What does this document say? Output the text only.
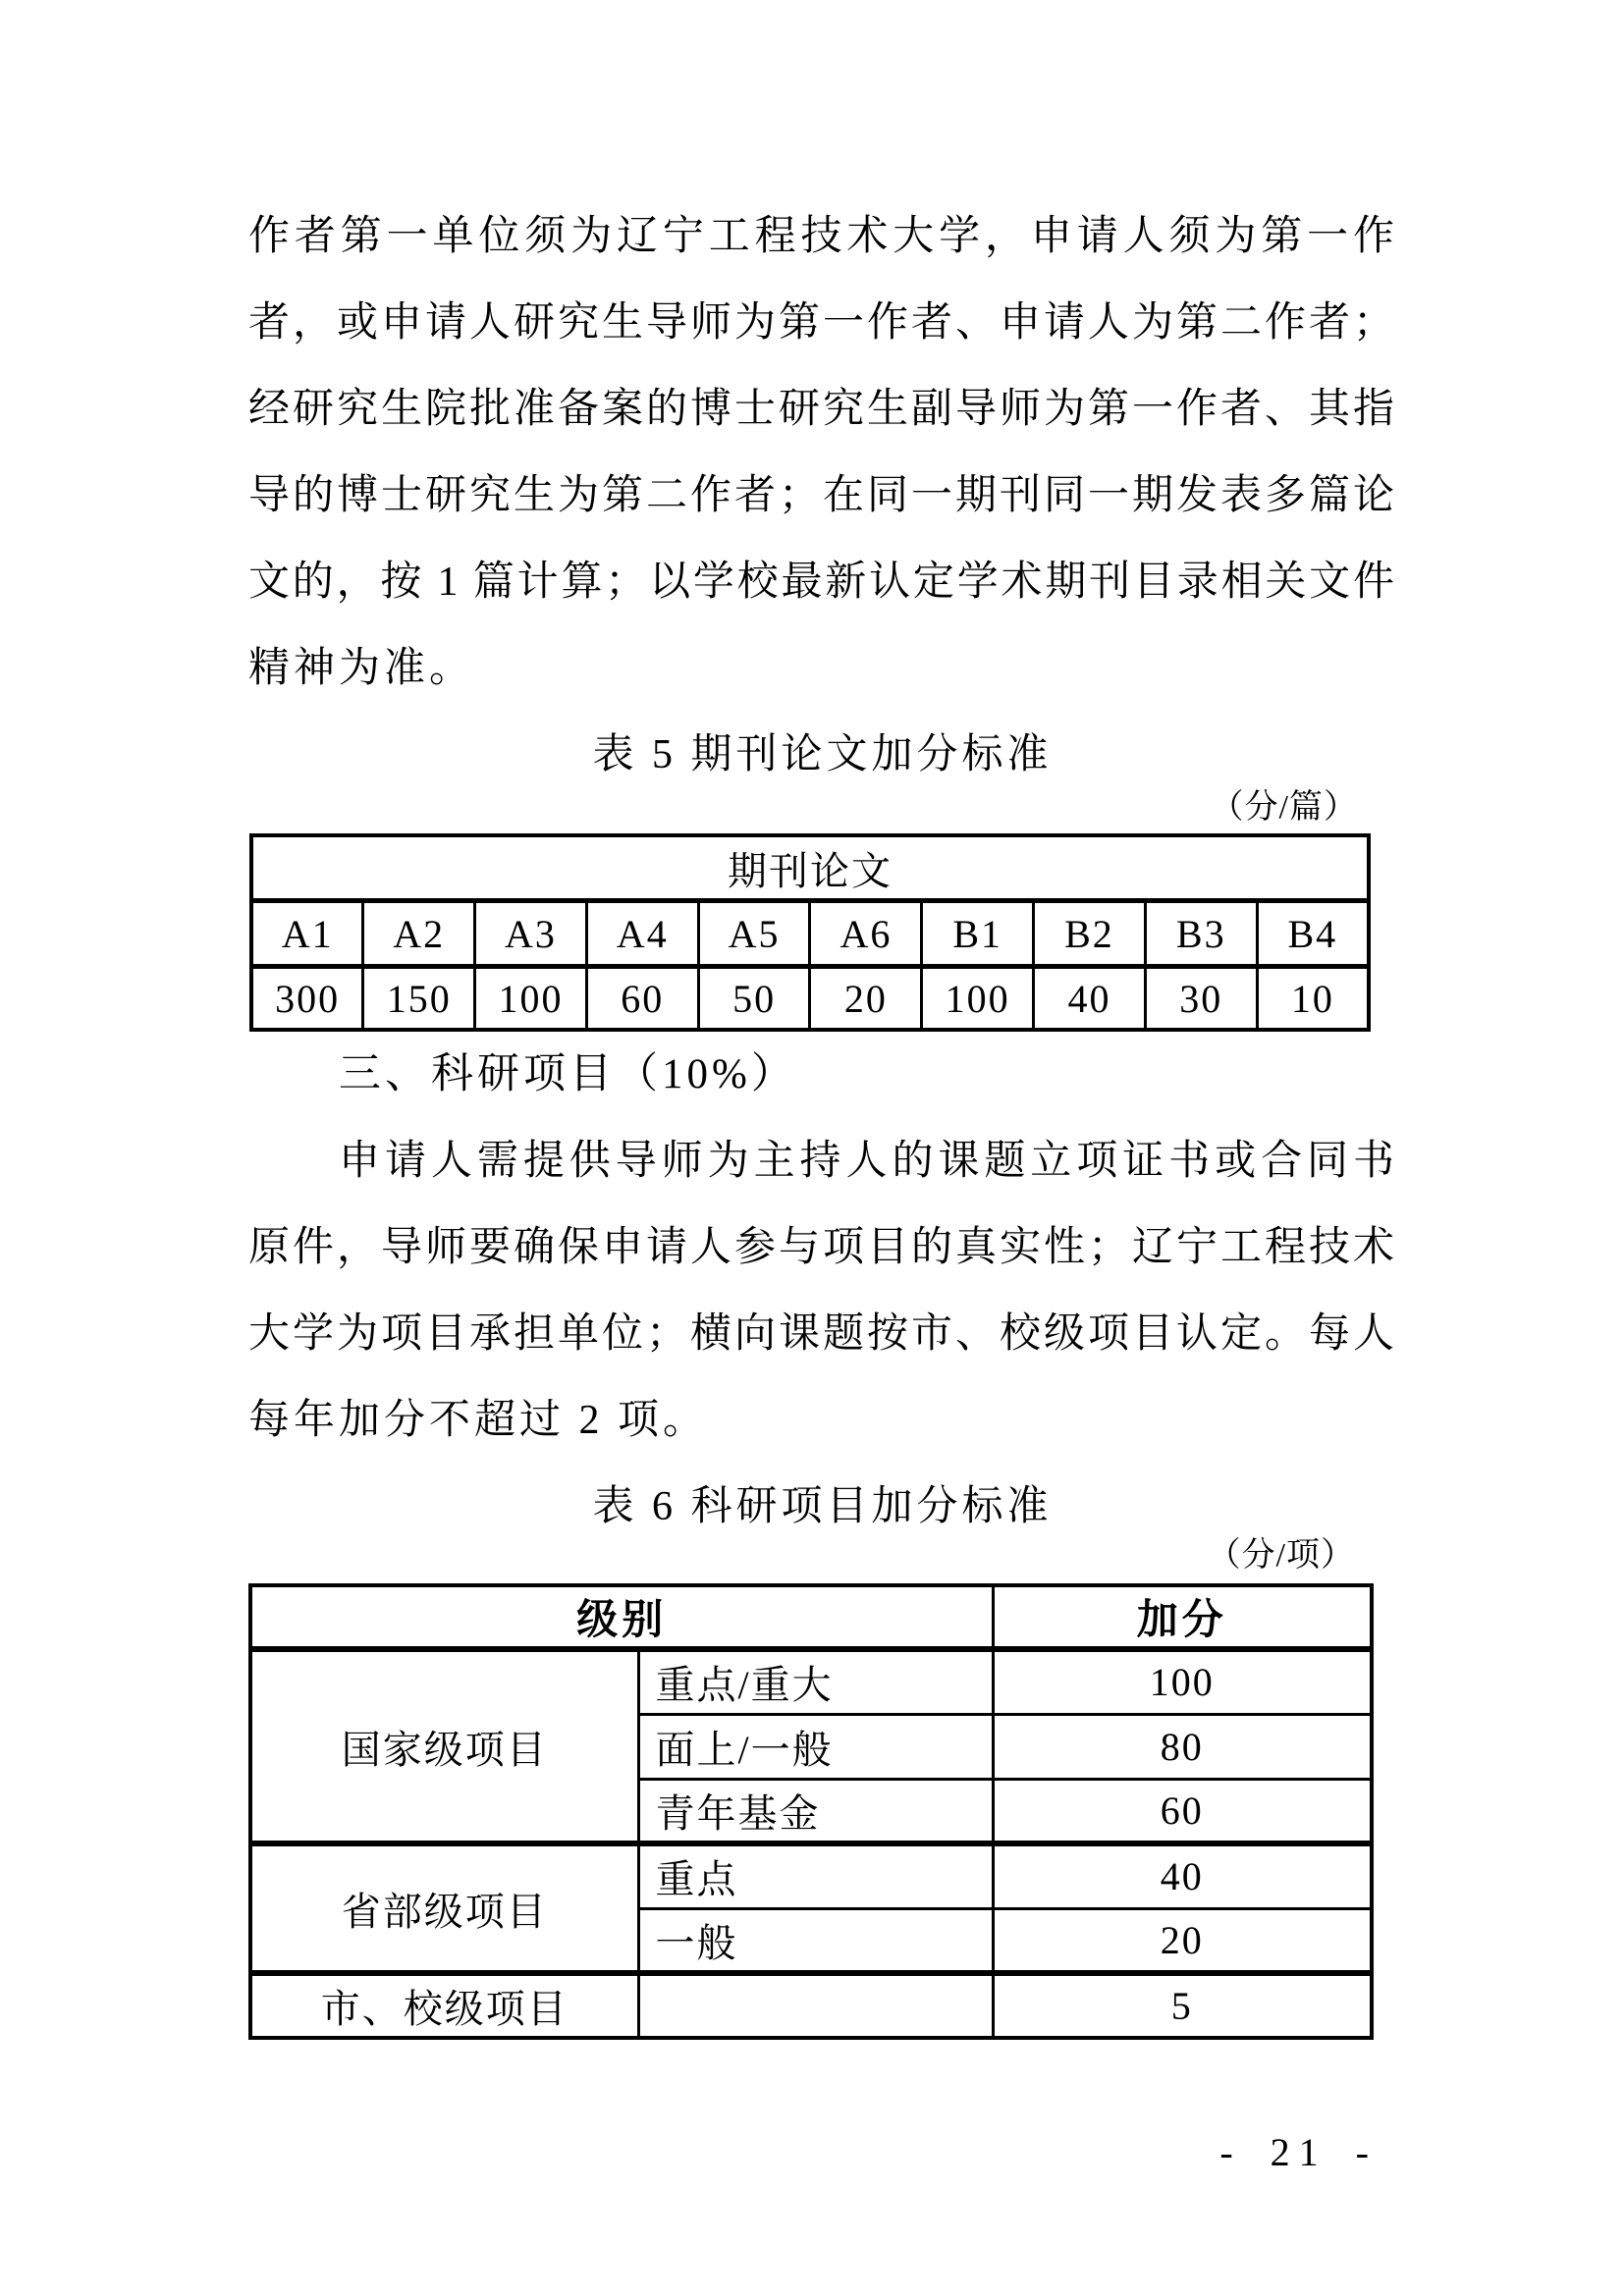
作者第一单位须为辽宁工程技术大学，申请人须为第一作
者，或申请人研究生导师为第一作者、申请人为第二作者；
经研究生院批准备案的博士研究生副导师为第一作者、其指
导的博士研究生为第二作者；在同一期刊同一期发表多篇论
文的，按 1 篇计算；以学校最新认定学术期刊目录相关文件
精神为准。
表 5 期刊论文加分标准
（分/篇）
期刊论文									
A1	A2	A3	A4	A5	A6	B1	B2	B3	B4
300	150	100	60	50	20	100	40	30	10
三、科研项目（10%）
申请人需提供导师为主持人的课题立项证书或合同书
原件，导师要确保申请人参与项目的真实性；辽宁工程技术
大学为项目承担单位；横向课题按市、校级项目认定。每人
每年加分不超过 2 项。
表 6 科研项目加分标准
（分/项）
级别		加分
国家级项目	重点/重大	100
	面上/一般	80
	青年基金	60
省部级项目	重点	40
	一般	20
市、校级项目		5
- 21 -
